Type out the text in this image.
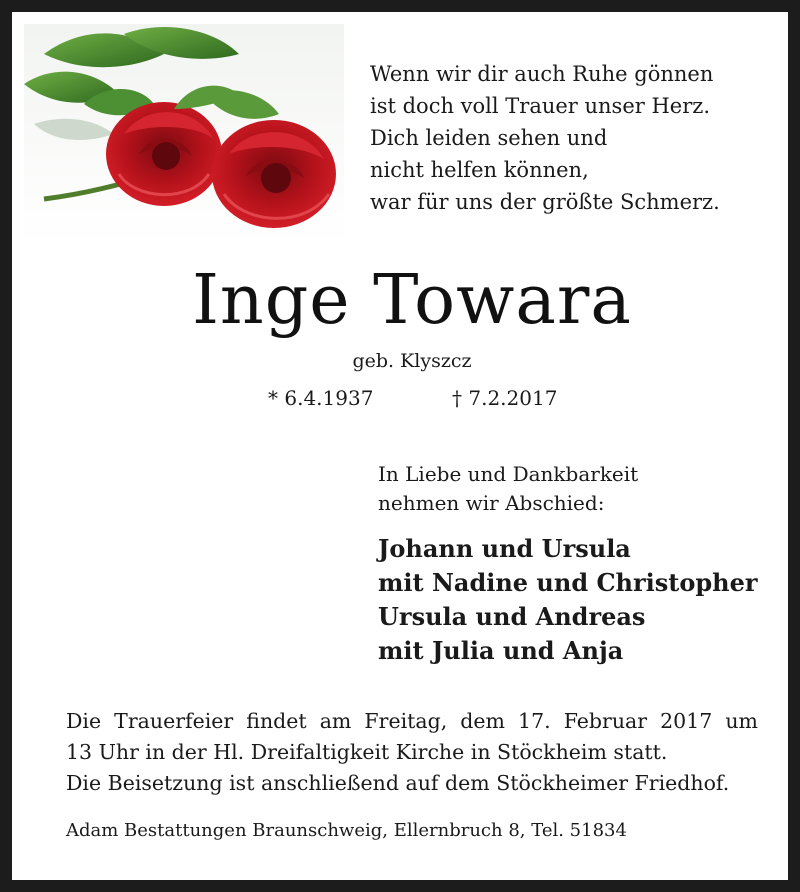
Wenn wir dir auch Ruhe gönnen
ist doch voll Trauer unser Herz.
Dich leiden sehen und
nicht helfen können,
war für uns der größte Schmerz.
Inge Towara
geb. Klyszcz
* 6.4.1937	† 7.2.2017
In Liebe und Dankbarkeit
nehmen wir Abschied:
Johann und Ursula
mit Nadine und Christopher
Ursula und Andreas
mit Julia und Anja
Die Trauerfeier findet am Freitag, dem 17. Februar 2017 um
13 Uhr in der Hl. Dreifaltigkeit Kirche in Stöckheim statt.
Die Beisetzung ist anschließend auf dem Stöckheimer Friedhof.
Adam Bestattungen Braunschweig, Ellernbruch 8, Tel. 51834
